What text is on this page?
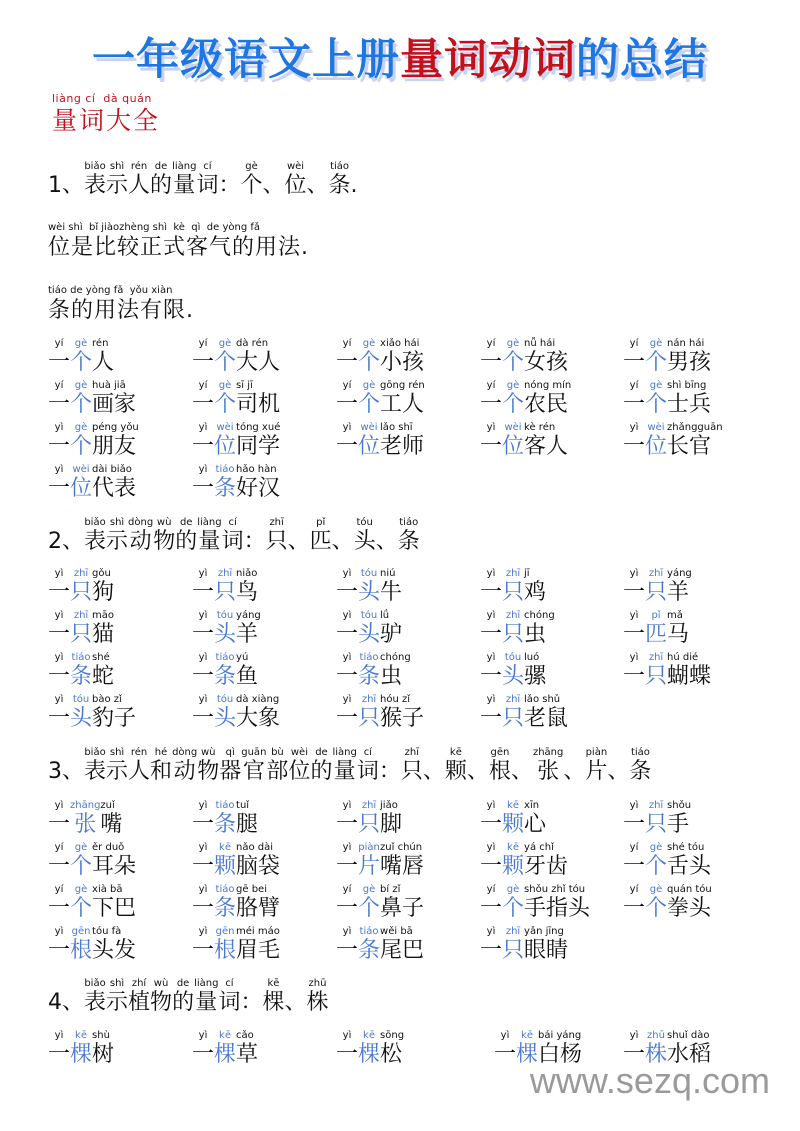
一年级语文上册量词动词的总结
liàng cí  dà quán
量词大全

1、
biǎo
表
shì
示
rén
人
de
的
liàng
量
cí
词
：
gè
个
、
wèi
位
、
tiáo
条
.
wèi shì  bǐ jiàozhèng shì  kè  qì  de yòng fǎ
位是比较正式客气的用法.
tiáo de yòng fǎ  yǒu xiàn
条的用法有限.
yí
一
gè
个
rén
人
yí
一
gè
个
dà rén
大人
yí
一
gè
个
xiǎo hái
小孩
yí
一
gè
个
nǚ hái
女孩
yí
一
gè
个
nán hái
男孩
yí
一
gè
个
huà jiā
画家
yí
一
gè
个
sī jī
司机
yí
一
gè
个
gōng rén
工人
yí
一
gè
个
nóng mín
农民
yí
一
gè
个
shì bīng
士兵
yì
一
gè
个
péng yǒu
朋友
yì
一
wèi
位
tóng xué
同学
yì
一
wèi
位
lǎo shī
老师
yì
一
wèi
位
kè rén
客人
yì
一
wèi
位
zhǎngguān
长官
yì
一
wèi
位
dài biǎo
代表
yì
一
tiáo
条
hǎo hàn
好汉

2、
biǎo
表
shì
示
dòng
动
wù
物
de
的
liàng
量
cí
词
：
zhī
只
、
pǐ
匹
、
tóu
头
、
tiáo
条
yì
一
zhī
只
gǒu
狗
yì
一
zhī
只
niǎo
鸟
yì
一
tóu
头
niú
牛
yì
一
zhī
只
jī
鸡
yì
一
zhī
只
yáng
羊
yì
一
zhī
只
māo
猫
yì
一
tóu
头
yáng
羊
yì
一
tóu
头
lǘ
驴
yì
一
zhī
只
chóng
虫
yì
一
pǐ
匹
mǎ
马
yì
一
tiáo
条
shé
蛇
yì
一
tiáo
条
yú
鱼
yì
一
tiáo
条
chóng
虫
yì
一
tóu
头
luó
骡
yì
一
zhī
只
hú dié
蝴蝶
yì
一
tóu
头
bào zǐ
豹子
yì
一
tóu
头
dà xiàng
大象
yì
一
zhī
只
hóu zǐ
猴子
yì
一
zhī
只
lǎo shǔ
老鼠

3、
biǎo
表
shì
示
rén
人
hé
和
dòng
动
wù
物
qì
器
guān
官
bù
部
wèi
位
de
的
liàng
量
cí
词
：
zhī
只
、
kē
颗
、
gēn
根
、
zhāng
张
、
piàn
片
、
tiáo
条
yì
一
zhāng
张
zuǐ
嘴
yì
一
tiáo
条
tuǐ
腿
yì
一
zhī
只
jiǎo
脚
yì
一
kē
颗
xīn
心
yì
一
zhī
只
shǒu
手
yí
一
gè
个
ěr duǒ
耳朵
yì
一
kē
颗
nǎo dài
脑袋
yì
一
piàn
片
zuǐ chún
嘴唇
yì
一
kē
颗
yá chǐ
牙齿
yí
一
gè
个
shé tóu
舌头
yí
一
gè
个
xià bā
下巴
yì
一
tiáo
条
gē bei
胳臂
yí
一
gè
个
bí zǐ
鼻子
yí
一
gè
个
shǒu zhǐ tóu
手指头
yí
一
gè
个
quán tóu
拳头
yì
一
gēn
根
tóu fà
头发
yì
一
gēn
根
méi máo
眉毛
yì
一
tiáo
条
wěi bā
尾巴
yì
一
zhī
只
yǎn jīng
眼睛

4、
biǎo
表
shì
示
zhí
植
wù
物
de
的
liàng
量
cí
词
：
kē
棵
、
zhū
株
yì
一
kē
棵
shù
树
yì
一
kē
棵
cǎo
草
yì
一
kē
棵
sōng
松
yì
一
kē
棵
bái yáng
白杨
yì
一
zhū
株
shuǐ dào
水稻
www.sezq.com
